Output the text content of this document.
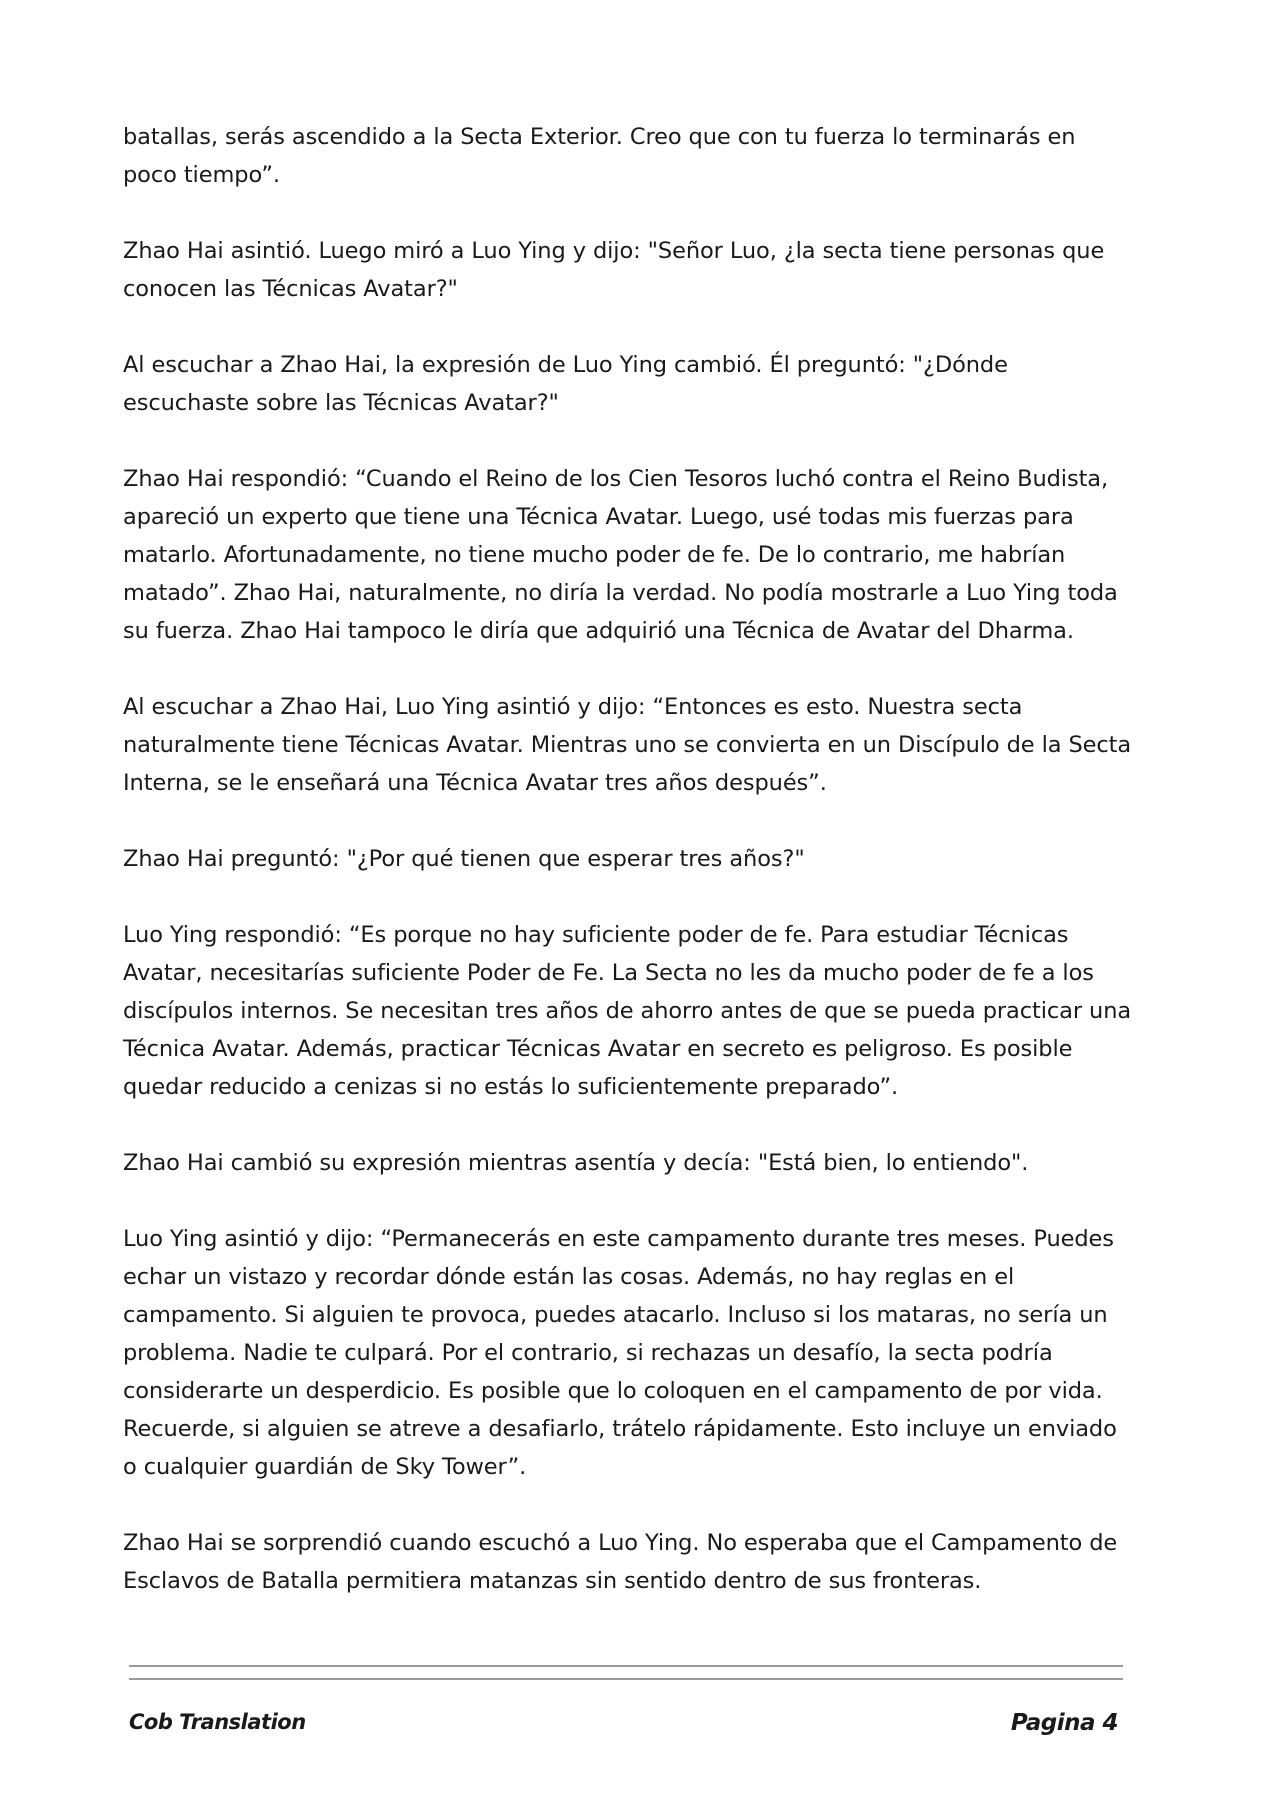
batallas, serás ascendido a la Secta Exterior. Creo que con tu fuerza lo terminarás en poco tiempo”.

Zhao Hai asintió. Luego miró a Luo Ying y dijo: "Señor Luo, ¿la secta tiene personas que conocen las Técnicas Avatar?"

Al escuchar a Zhao Hai, la expresión de Luo Ying cambió. Él preguntó: "¿Dónde escuchaste sobre las Técnicas Avatar?"

Zhao Hai respondió: “Cuando el Reino de los Cien Tesoros luchó contra el Reino Budista, apareció un experto que tiene una Técnica Avatar. Luego, usé todas mis fuerzas para matarlo. Afortunadamente, no tiene mucho poder de fe. De lo contrario, me habrían matado”. Zhao Hai, naturalmente, no diría la verdad. No podía mostrarle a Luo Ying toda su fuerza. Zhao Hai tampoco le diría que adquirió una Técnica de Avatar del Dharma.

Al escuchar a Zhao Hai, Luo Ying asintió y dijo: “Entonces es esto. Nuestra secta naturalmente tiene Técnicas Avatar. Mientras uno se convierta en un Discípulo de la Secta Interna, se le enseñará una Técnica Avatar tres años después”.

Zhao Hai preguntó: "¿Por qué tienen que esperar tres años?"

Luo Ying respondió: “Es porque no hay suficiente poder de fe. Para estudiar Técnicas Avatar, necesitarías suficiente Poder de Fe. La Secta no les da mucho poder de fe a los discípulos internos. Se necesitan tres años de ahorro antes de que se pueda practicar una Técnica Avatar. Además, practicar Técnicas Avatar en secreto es peligroso. Es posible quedar reducido a cenizas si no estás lo suficientemente preparado”.

Zhao Hai cambió su expresión mientras asentía y decía: "Está bien, lo entiendo".

Luo Ying asintió y dijo: “Permanecerás en este campamento durante tres meses. Puedes echar un vistazo y recordar dónde están las cosas. Además, no hay reglas en el campamento. Si alguien te provoca, puedes atacarlo. Incluso si los mataras, no sería un problema. Nadie te culpará. Por el contrario, si rechazas un desafío, la secta podría considerarte un desperdicio. Es posible que lo coloquen en el campamento de por vida. Recuerde, si alguien se atreve a desafiarlo, trátelo rápidamente. Esto incluye un enviado o cualquier guardián de Sky Tower”.

Zhao Hai se sorprendió cuando escuchó a Luo Ying. No esperaba que el Campamento de Esclavos de Batalla permitiera matanzas sin sentido dentro de sus fronteras.

Cob Translation	Pagina 4
